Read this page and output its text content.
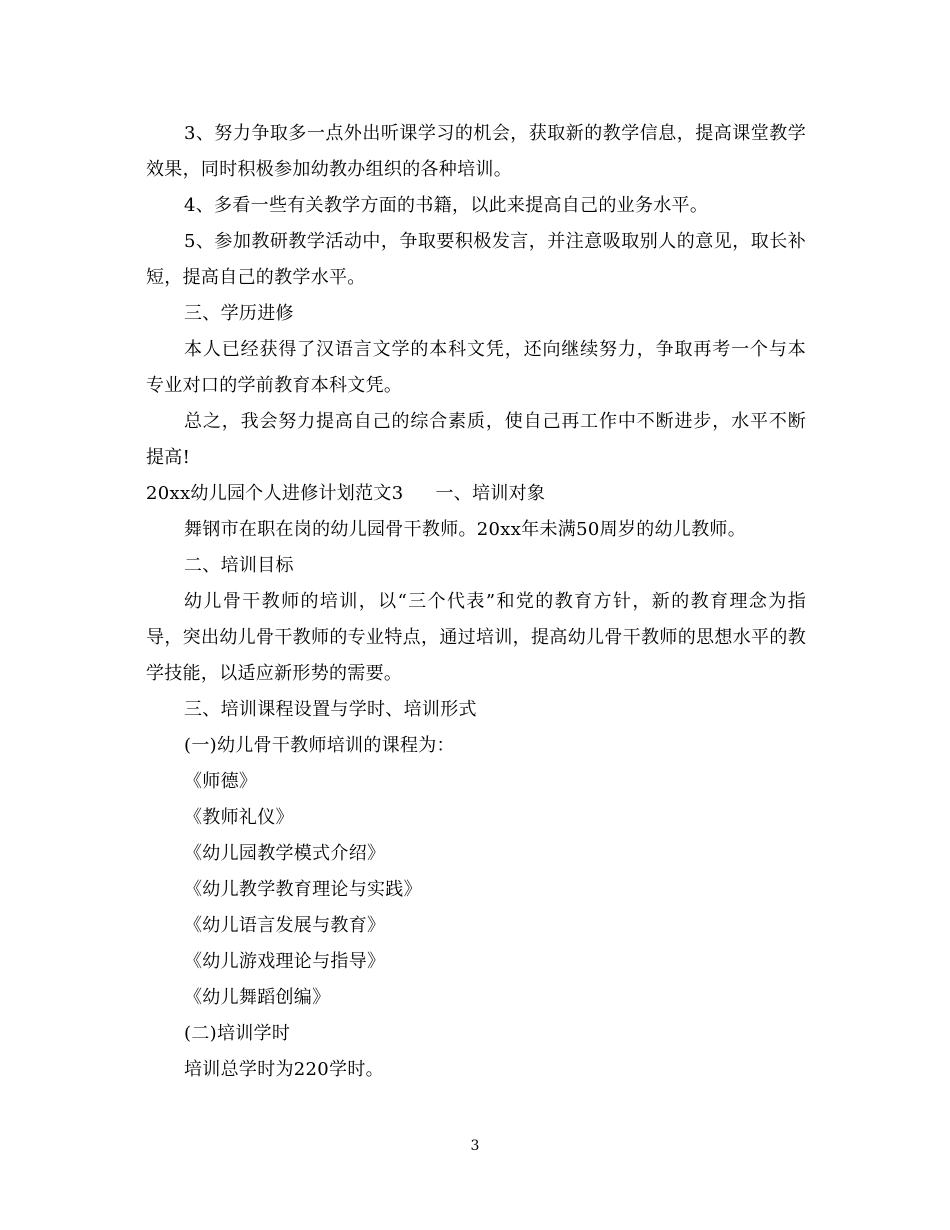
3、努力争取多一点外出听课学习的机会，获取新的教学信息，提高课堂教学效果，同时积极参加幼教办组织的各种培训。

4、多看一些有关教学方面的书籍，以此来提高自己的业务水平。

5、参加教研教学活动中，争取要积极发言，并注意吸取别人的意见，取长补短，提高自己的教学水平。

三、学历进修

本人已经获得了汉语言文学的本科文凭，还向继续努力，争取再考一个与本专业对口的学前教育本科文凭。

总之，我会努力提高自己的综合素质，使自己再工作中不断进步，水平不断提高!

20xx幼儿园个人进修计划范文3 一、培训对象

舞钢市在职在岗的幼儿园骨干教师。20xx年未满50周岁的幼儿教师。

二、培训目标

幼儿骨干教师的培训，以“三个代表”和党的教育方针，新的教育理念为指导，突出幼儿骨干教师的专业特点，通过培训，提高幼儿骨干教师的思想水平的教学技能，以适应新形势的需要。

三、培训课程设置与学时、培训形式

(一)幼儿骨干教师培训的课程为：

《师德》

《教师礼仪》

《幼儿园教学模式介绍》

《幼儿教学教育理论与实践》

《幼儿语言发展与教育》

《幼儿游戏理论与指导》

《幼儿舞蹈创编》

(二)培训学时

培训总学时为220学时。

3
